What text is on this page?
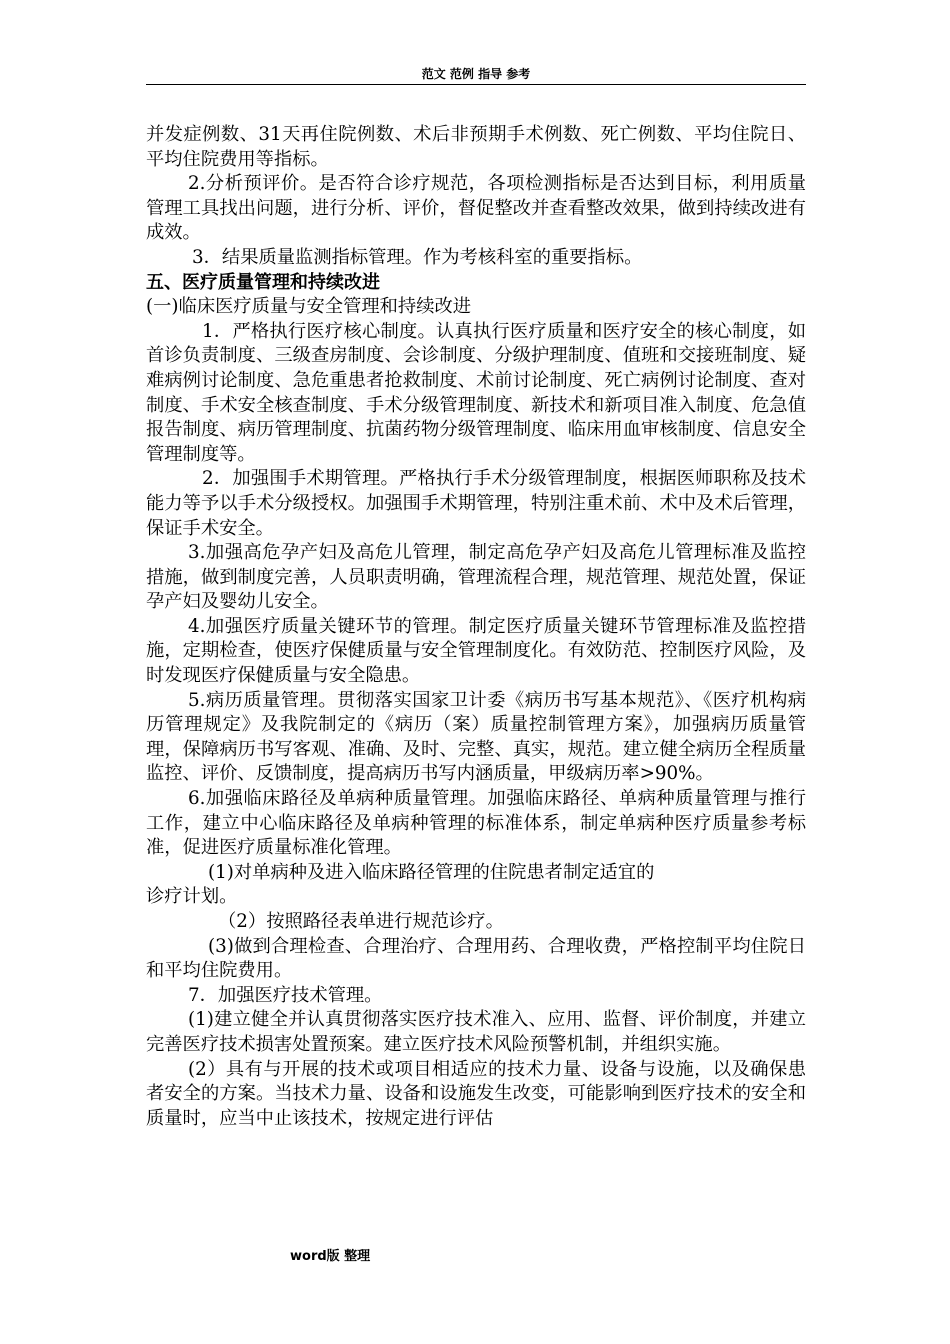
范文 范例 指导 参考

并发症例数、31天再住院例数、术后非预期手术例数、死亡例数、平均住院日、平均住院费用等指标。

2.分析预评价。是否符合诊疗规范，各项检测指标是否达到目标，利用质量管理工具找出问题，进行分析、评价，督促整改并查看整改效果，做到持续改进有成效。

3．结果质量监测指标管理。作为考核科室的重要指标。

五、医疗质量管理和持续改进

(一)临床医疗质量与安全管理和持续改进

1．严格执行医疗核心制度。认真执行医疗质量和医疗安全的核心制度，如首诊负责制度、三级查房制度、会诊制度、分级护理制度、值班和交接班制度、疑难病例讨论制度、急危重患者抢救制度、术前讨论制度、死亡病例讨论制度、查对制度、手术安全核查制度、手术分级管理制度、新技术和新项目准入制度、危急值报告制度、病历管理制度、抗菌药物分级管理制度、临床用血审核制度、信息安全管理制度等。

2．加强围手术期管理。严格执行手术分级管理制度，根据医师职称及技术能力等予以手术分级授权。加强围手术期管理，特别注重术前、术中及术后管理，保证手术安全。

3.加强高危孕产妇及高危儿管理，制定高危孕产妇及高危儿管理标准及监控措施，做到制度完善，人员职责明确，管理流程合理，规范管理、规范处置，保证孕产妇及婴幼儿安全。

4.加强医疗质量关键环节的管理。制定医疗质量关键环节管理标准及监控措施，定期检查，使医疗保健质量与安全管理制度化。有效防范、控制医疗风险，及时发现医疗保健质量与安全隐患。

5.病历质量管理。贯彻落实国家卫计委《病历书写基本规范》、《医疗机构病历管理规定》及我院制定的《病历（案）质量控制管理方案》，加强病历质量管理，保障病历书写客观、准确、及时、完整、真实，规范。建立健全病历全程质量监控、评价、反馈制度，提高病历书写内涵质量，甲级病历率>90%。

6.加强临床路径及单病种质量管理。加强临床路径、单病种质量管理与推行工作，建立中心临床路径及单病种管理的标准体系，制定单病种医疗质量参考标准，促进医疗质量标准化管理。

(1)对单病种及进入临床路径管理的住院患者制定适宜的

诊疗计划。

（2）按照路径表单进行规范诊疗。

(3)做到合理检查、合理治疗、合理用药、合理收费，严格控制平均住院日和平均住院费用。

7．加强医疗技术管理。

(1)建立健全并认真贯彻落实医疗技术准入、应用、监督、评价制度，并建立完善医疗技术损害处置预案。建立医疗技术风险预警机制，并组织实施。

(2）具有与开展的技术或项目相适应的技术力量、设备与设施，以及确保患者安全的方案。当技术力量、设备和设施发生改变，可能影响到医疗技术的安全和质量时，应当中止该技术，按规定进行评估

word版 整理
